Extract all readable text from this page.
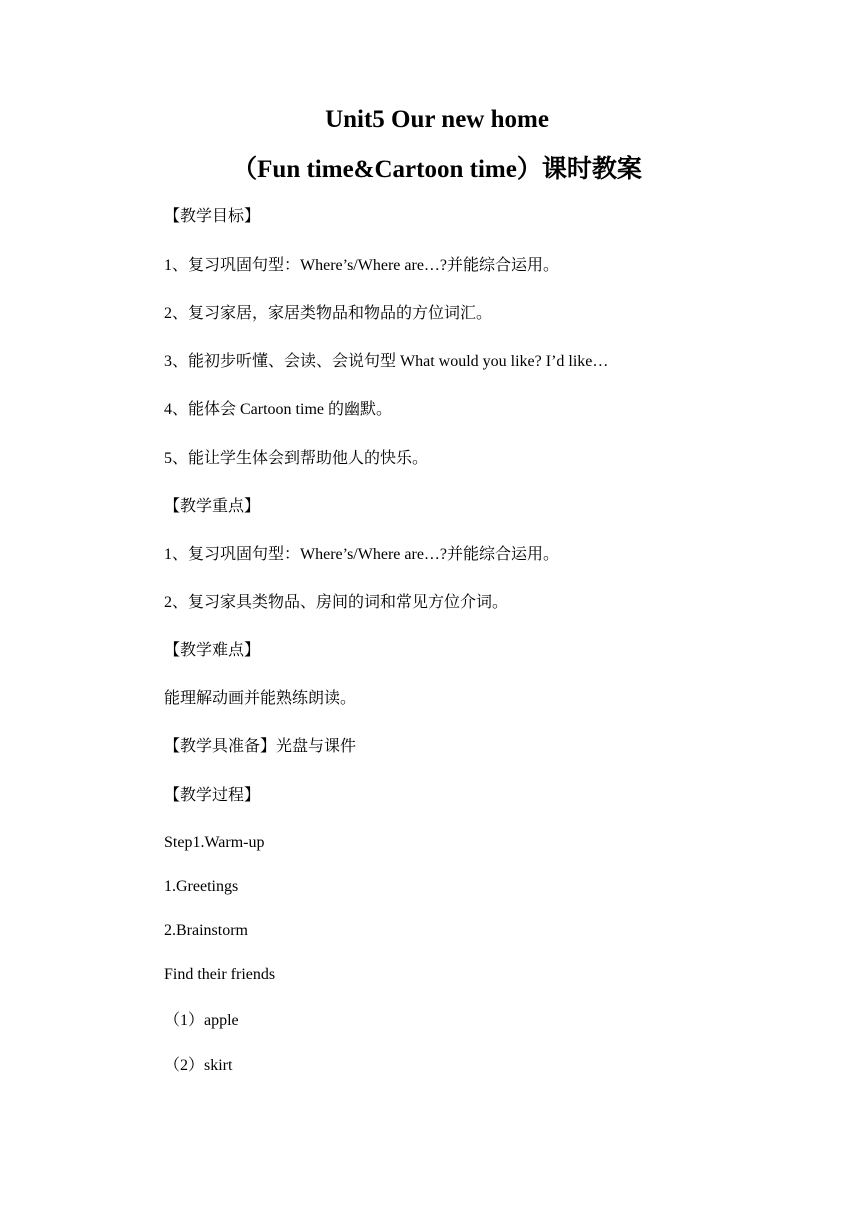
Unit5 Our new home
（Fun time&Cartoon time）课时教案
【教学目标】
1、复习巩固句型：Where’s/Where are…?并能综合运用。
2、复习家居，家居类物品和物品的方位词汇。
3、能初步听懂、会读、会说句型 What would you like? I’d like…
4、能体会 Cartoon time 的幽默。
5、能让学生体会到帮助他人的快乐。
【教学重点】
1、复习巩固句型：Where’s/Where are…?并能综合运用。
2、复习家具类物品、房间的词和常见方位介词。
【教学难点】
能理解动画并能熟练朗读。
【教学具准备】光盘与课件
【教学过程】
Step1.Warm-up
1.Greetings
2.Brainstorm
Find their friends
（1）apple
（2）skirt
